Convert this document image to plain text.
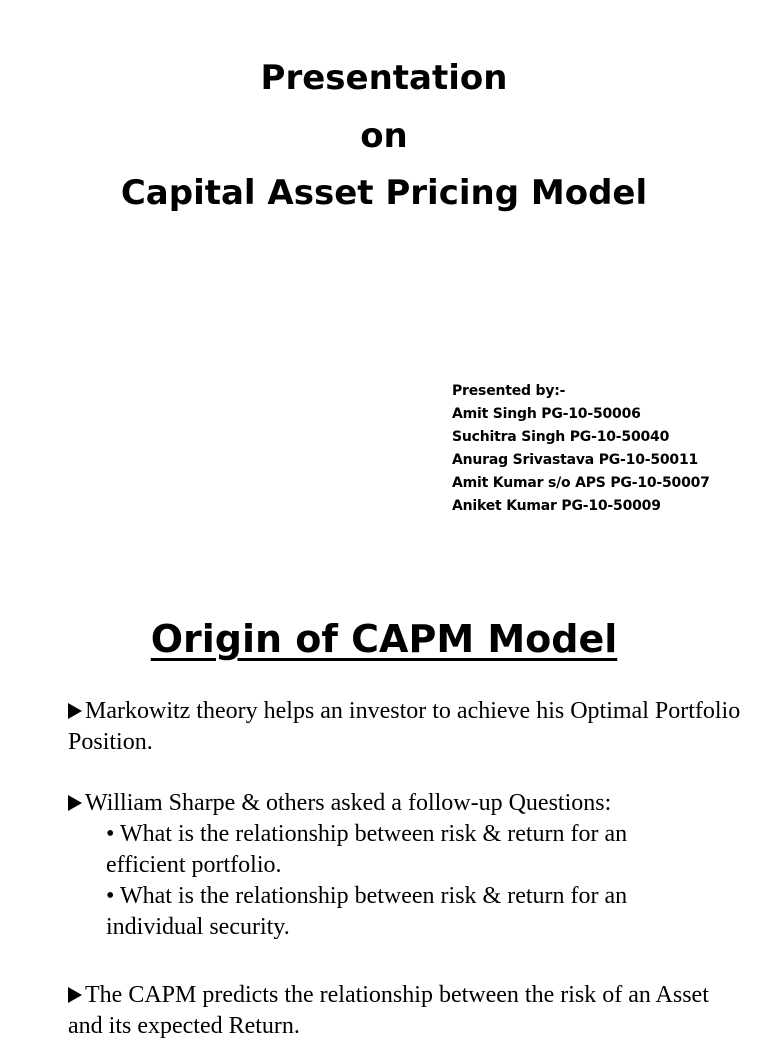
Presentation
on
Capital Asset Pricing Model
Presented by:-
Amit Singh PG-10-50006
Suchitra Singh PG-10-50040
Anurag Srivastava PG-10-50011
Amit Kumar s/o APS PG-10-50007
Aniket Kumar PG-10-50009
Origin of CAPM Model
Markowitz theory helps an investor to achieve his Optimal Portfolio Position.
William Sharpe & others asked a follow-up Questions:
• What is the relationship between risk & return for an efficient portfolio.
• What is the relationship between risk & return for an individual security.
The CAPM predicts the relationship between the risk of an Asset and its expected Return.
